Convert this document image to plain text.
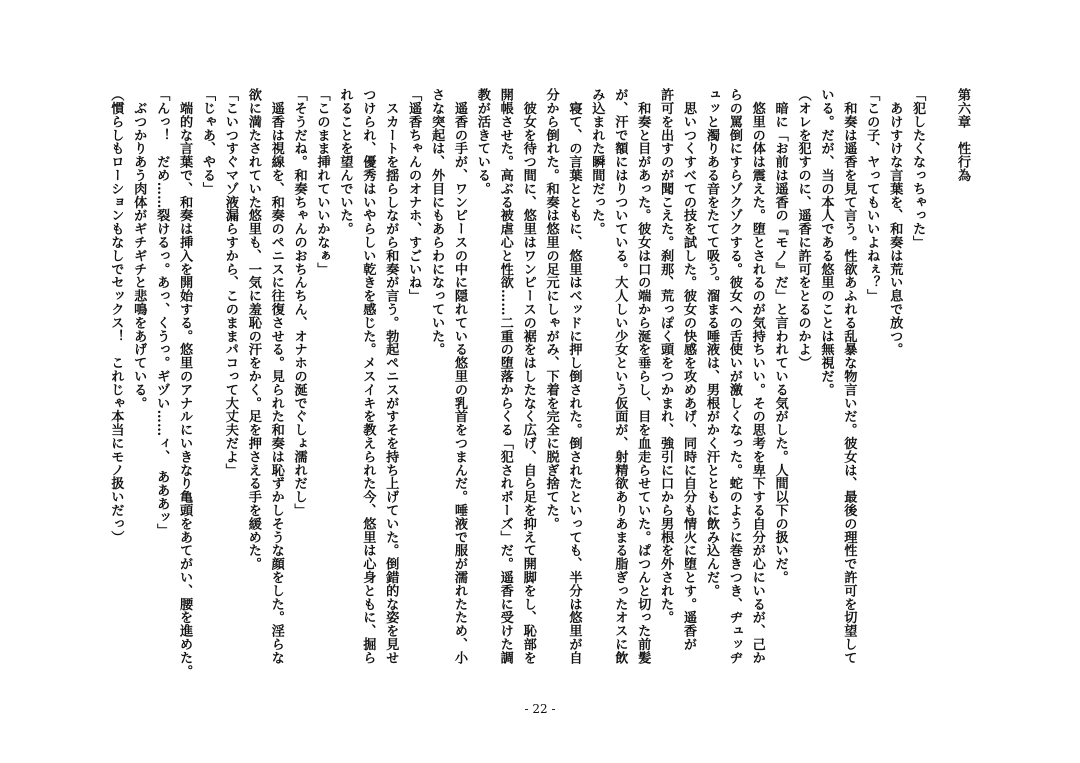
第六章　性行為
「犯したくなっちゃった」
　あけすけな言葉を、和奏は荒い息で放つ。
「この子、ヤってもいいよねぇ？」
　和奏は遥香を見て言う。性欲あふれる乱暴な物言いだ。彼女は、最後の理性で許可を切望して
いる。だが、当の本人である悠里のことは無視だ。
（オレを犯すのに、遥香に許可をとるのかよ）
　暗に「お前は遥香の『モノ』だ」と言われている気がした。人間以下の扱いだ。
　悠里の体は震えた。堕とされるのが気持ちいい。その思考を卑下する自分が心にいるが、己か
らの罵倒にすらゾクゾクする。彼女への舌使いが激しくなった。蛇のように巻きつき、ヂュッヂ
ュッと濁りある音をたてて吸う。溜まる唾液は、男根がかく汗とともに飲み込んだ。
　思いつくすべての技を試した。彼女の快感を攻めあげ、同時に自分も情火に堕とす。遥香が
許可を出すのが聞こえた。刹那、荒っぽく頭をつかまれ、強引に口から男根を外された。
　和奏と目があった。彼女は口の端から涎を垂らし、目を血走らせていた。ぱつんと切った前髪
が、汗で額にはりついている。大人しい少女という仮面が、射精欲ありあまる脂ぎったオスに飲
み込まれた瞬間だった。
　寝て、の言葉とともに、悠里はベッドに押し倒された。倒されたといっても、半分は悠里が自
分から倒れた。和奏は悠里の足元にしゃがみ、下着を完全に脱ぎ捨てた。
　彼女を待つ間に、悠里はワンピースの裾をはしたなく広げ、自ら足を抑えて開脚をし、恥部を
開帳させた。高ぶる被虐心と性欲……二重の堕落からくる「犯されポーズ」だ。遥香に受けた調
教が活きている。
　遥香の手が、ワンピースの中に隠れている悠里の乳首をつまんだ。唾液で服が濡れたため、小
さな突起は、外目にもあらわになっていた。
「遥香ちゃんのオナホ、すごいね」
　スカートを揺らしながら和奏が言う。勃起ペニスがすそを持ち上げていた。倒錯的な姿を見せ
つけられ、優秀はいやらしい乾きを感じた。メスイキを教えられた今、悠里は心身ともに、掘ら
れることを望んでいた。
「このまま挿れていいかなぁ」
「そうだね。和奏ちゃんのおちんちん、オナホの涎でぐしょ濡れだし」
　遥香は視線を、和奏のペニスに往復させる。見られた和奏は恥ずかしそうな顔をした。淫らな
欲に満たされていた悠里も、一気に羞恥の汗をかく。足を押さえる手を緩めた。
「こいつすぐマゾ液漏らすから、このままパコって大丈夫だよ」
「じゃあ、やる」
　端的な言葉で、和奏は挿入を開始する。悠里のアナルにいきなり亀頭をあてがい、腰を進めた。
「んっ！　だめ……裂けるっ。あっ、くうっ。ギヅい……ィ、　あああッ」
　ぶつかりあう肉体がギチギチと悲鳴をあげている。
（慣らしもローションもなしでセックス！　これじゃ本当にモノ扱いだっ）
- 22 -
